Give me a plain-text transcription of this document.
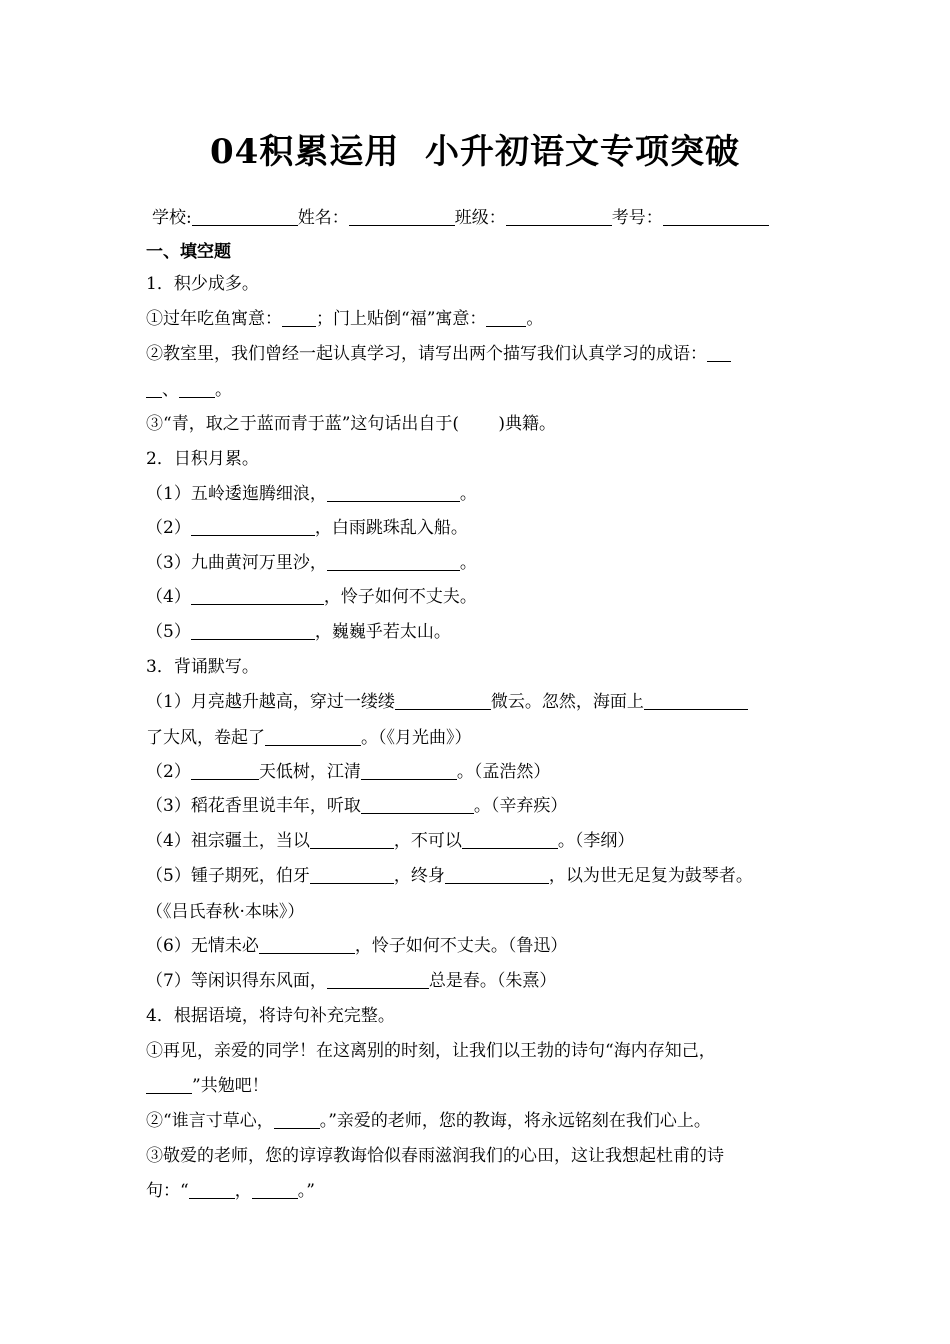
04积累运用  小升初语文专项突破
学校:	姓名：	班级：	考号：
一、填空题
1．积少成多。
①过年吃鱼寓意： ；门上贴倒“福”寓意： 。
②教室里，我们曾经一起认真学习，请写出两个描写我们认真学习的成语：
、 。
③“青，取之于蓝而青于蓝”这句话出自于(　　 )典籍。
2．日积月累。
（1）五岭逶迤腾细浪，	。
（2）	，白雨跳珠乱入船。
（3）九曲黄河万里沙，	。
（4）	，怜子如何不丈夫。
（5）	，巍巍乎若太山。
3．背诵默写。
（1）月亮越升越高，穿过一缕缕	微云。忽然，海面上
了大风，卷起了	。（《月光曲》）
（2）	天低树，江清	。（孟浩然）
（3）稻花香里说丰年，听取	。（辛弃疾）
（4）祖宗疆土，当以	，不可以	。（李纲）
（5）锺子期死，伯牙	，终身	，以为世无足复为鼓琴者。
（《吕氏春秋·本味》）
（6）无情未必	，怜子如何不丈夫。（鲁迅）
（7）等闲识得东风面，	总是春。（朱熹）
4．根据语境，将诗句补充完整。
①再见，亲爱的同学！在这离别的时刻，让我们以王勃的诗句“海内存知己，
”共勉吧！
②“谁言寸草心，	。”亲爱的老师，您的教诲，将永远铭刻在我们心上。
③敬爱的老师，您的谆谆教诲恰似春雨滋润我们的心田，这让我想起杜甫的诗
句：“	，	。”
